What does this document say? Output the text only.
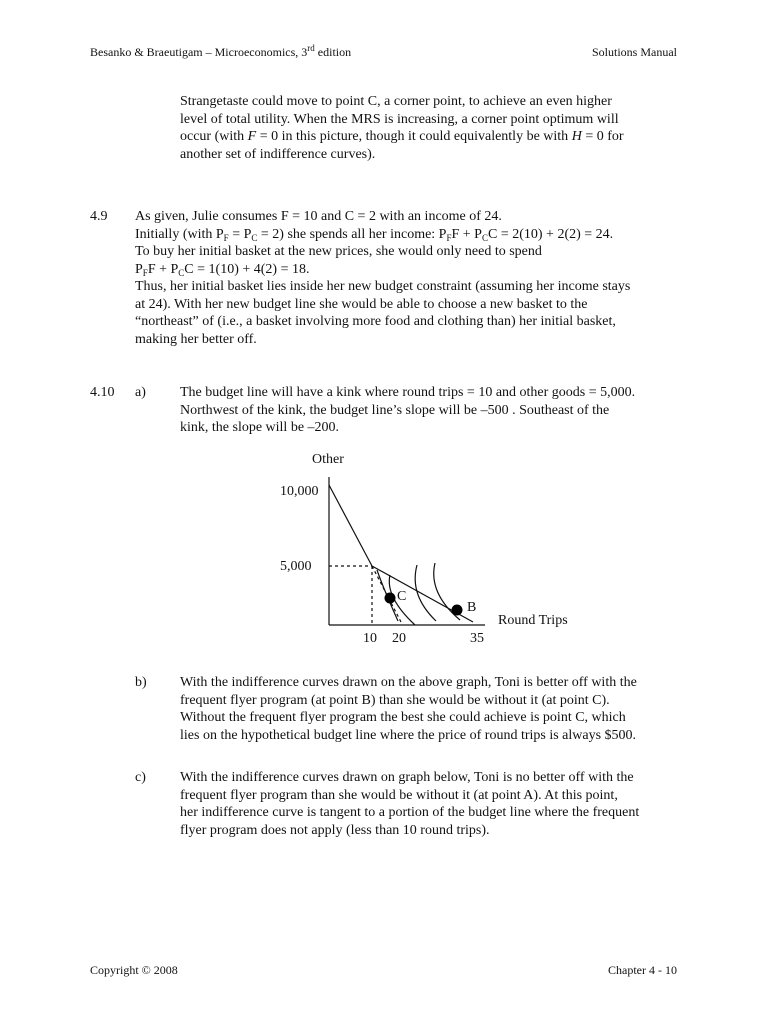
Besanko & Braeutigam – Microeconomics, 3rd edition	Solutions Manual
Strangetaste could move to point C, a corner point, to achieve an even higher
level of total utility. When the MRS is increasing, a corner point optimum will
occur (with F = 0 in this picture, though it could equivalently be with H = 0 for
another set of indifference curves).
4.9 As given, Julie consumes F = 10 and C = 2 with an income of 24.
Initially (with $P_F = P_C = 2$) she spends all her income: $P_FF + P_CC = 2(10) + 2(2) = 24$.
To buy her initial basket at the new prices, she would only need to spend
$P_FF + P_CC = 1(10) + 4(2) = 18$.
Thus, her initial basket lies inside her new budget constraint (assuming her income stays
at 24). With her new budget line she would be able to choose a new basket to the
“northeast” of (i.e., a basket involving more food and clothing than) her initial basket,
making her better off.
4.10 a) The budget line will have a kink where round trips = 10 and other goods = 5,000.
Northwest of the kink, the budget line’s slope will be –500 . Southeast of the
kink, the slope will be –200.
Other
10,000
5,000
Round Trips
10 20	35
C
B
b) With the indifference curves drawn on the above graph, Toni is better off with the
frequent flyer program (at point B) than she would be without it (at point C).
Without the frequent flyer program the best she could achieve is point C, which
lies on the hypothetical budget line where the price of round trips is always $500.
c) With the indifference curves drawn on graph below, Toni is no better off with the
frequent flyer program than she would be without it (at point A). At this point,
her indifference curve is tangent to a portion of the budget line where the frequent
flyer program does not apply (less than 10 round trips).
Copyright © 2008	Chapter 4 - 10
